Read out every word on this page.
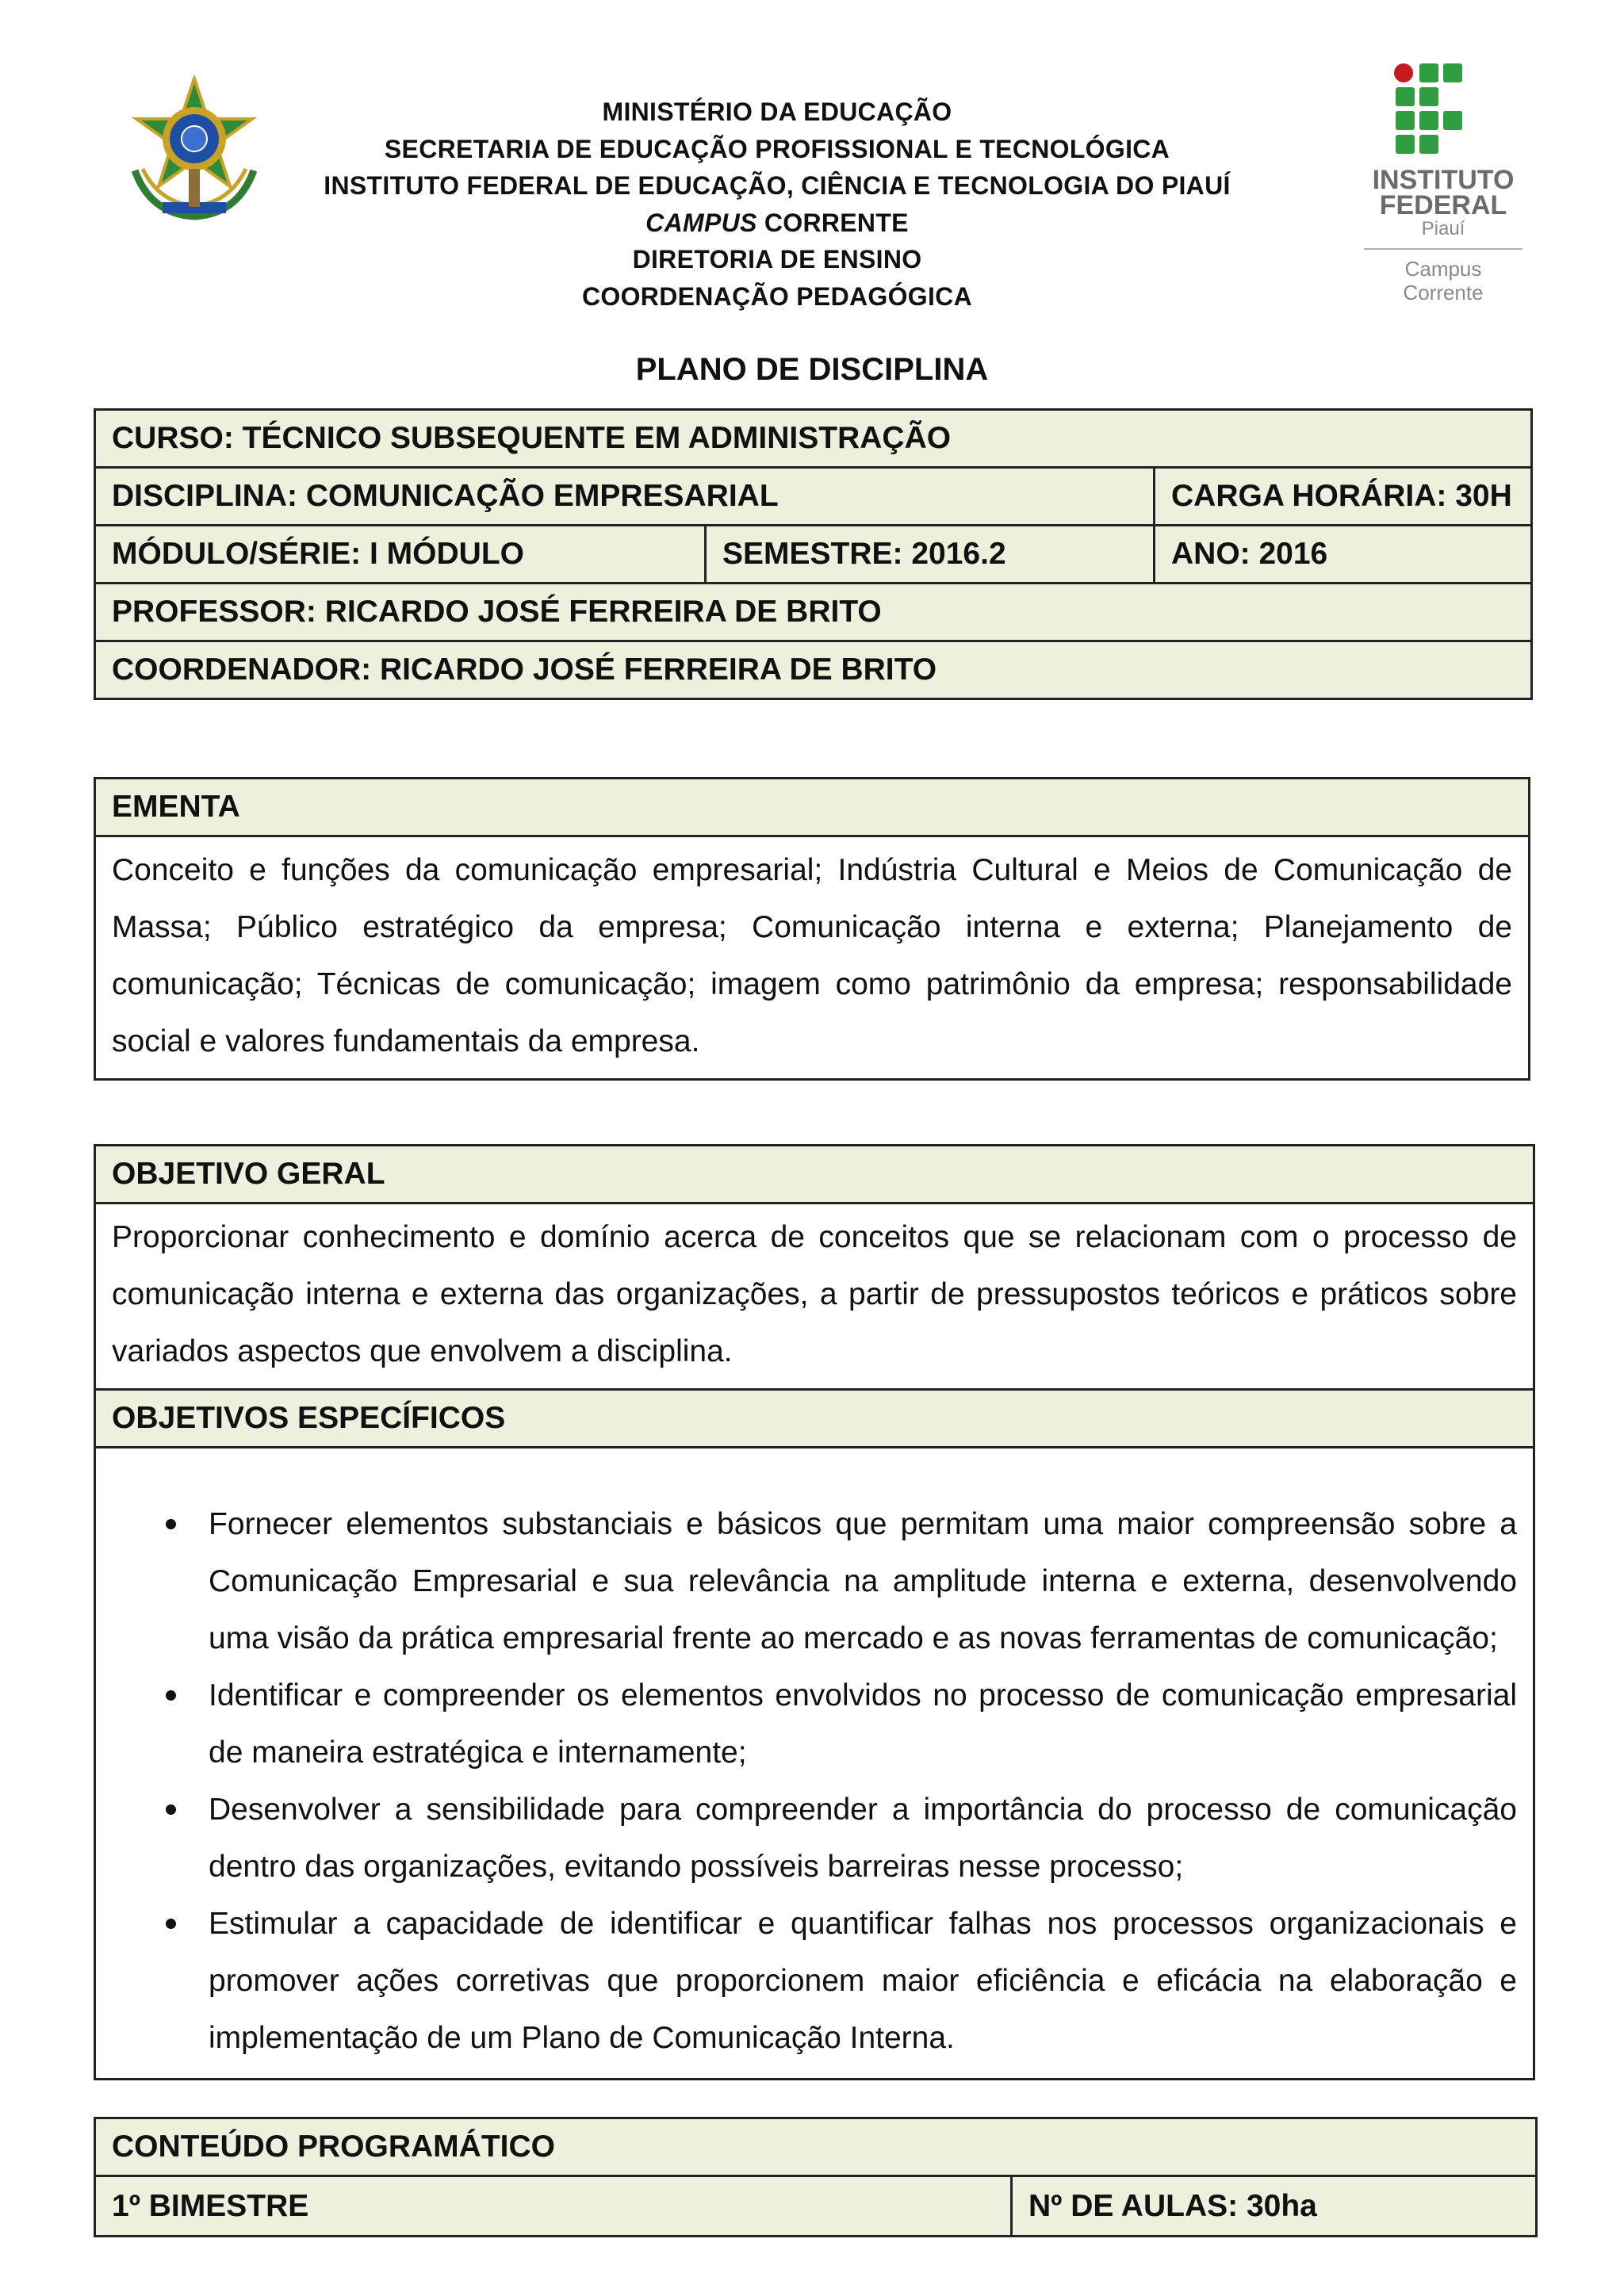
MINISTÉRIO DA EDUCAÇÃO
SECRETARIA DE EDUCAÇÃO PROFISSIONAL E TECNOLÓGICA
INSTITUTO FEDERAL DE EDUCAÇÃO, CIÊNCIA E TECNOLOGIA DO PIAUÍ
CAMPUS CORRENTE
DIRETORIA DE ENSINO
COORDENAÇÃO PEDAGÓGICA
INSTITUTO
FEDERAL
Piauí
Campus
Corrente
PLANO DE DISCIPLINA
CURSO: TÉCNICO SUBSEQUENTE EM ADMINISTRAÇÃO		
DISCIPLINA: COMUNICAÇÃO EMPRESARIAL		CARGA HORÁRIA: 30H
MÓDULO/SÉRIE: I MÓDULO	SEMESTRE: 2016.2	ANO: 2016
PROFESSOR: RICARDO JOSÉ FERREIRA DE BRITO		
COORDENADOR: RICARDO JOSÉ FERREIRA DE BRITO		
EMENTA
Conceito e funções da comunicação empresarial; Indústria Cultural e Meios de Comunicação de Massa; Público estratégico da empresa; Comunicação interna e externa; Planejamento de comunicação; Técnicas de comunicação; imagem como patrimônio da empresa; responsabilidade social e valores fundamentais da empresa.
OBJETIVO GERAL
Proporcionar conhecimento e domínio acerca de conceitos que se relacionam com o processo de comunicação interna e externa das organizações, a partir de pressupostos teóricos e práticos sobre variados aspectos que envolvem a disciplina.
OBJETIVOS ESPECÍFICOS

Fornecer elementos substanciais e básicos que permitam uma maior compreensão sobre a Comunicação Empresarial e sua relevância na amplitude interna e externa, desenvolvendo uma visão da prática empresarial frente ao mercado e as novas ferramentas de comunicação;
Identificar e compreender os elementos envolvidos no processo de comunicação empresarial de maneira estratégica e internamente;
Desenvolver a sensibilidade para compreender a importância do processo de comunicação dentro das organizações, evitando possíveis barreiras nesse processo;
Estimular a capacidade de identificar e quantificar falhas nos processos organizacionais e promover ações corretivas que proporcionem maior eficiência e eficácia na elaboração e implementação de um Plano de Comunicação Interna.
CONTEÚDO PROGRAMÁTICO
1º BIMESTRE	Nº DE AULAS: 30ha
